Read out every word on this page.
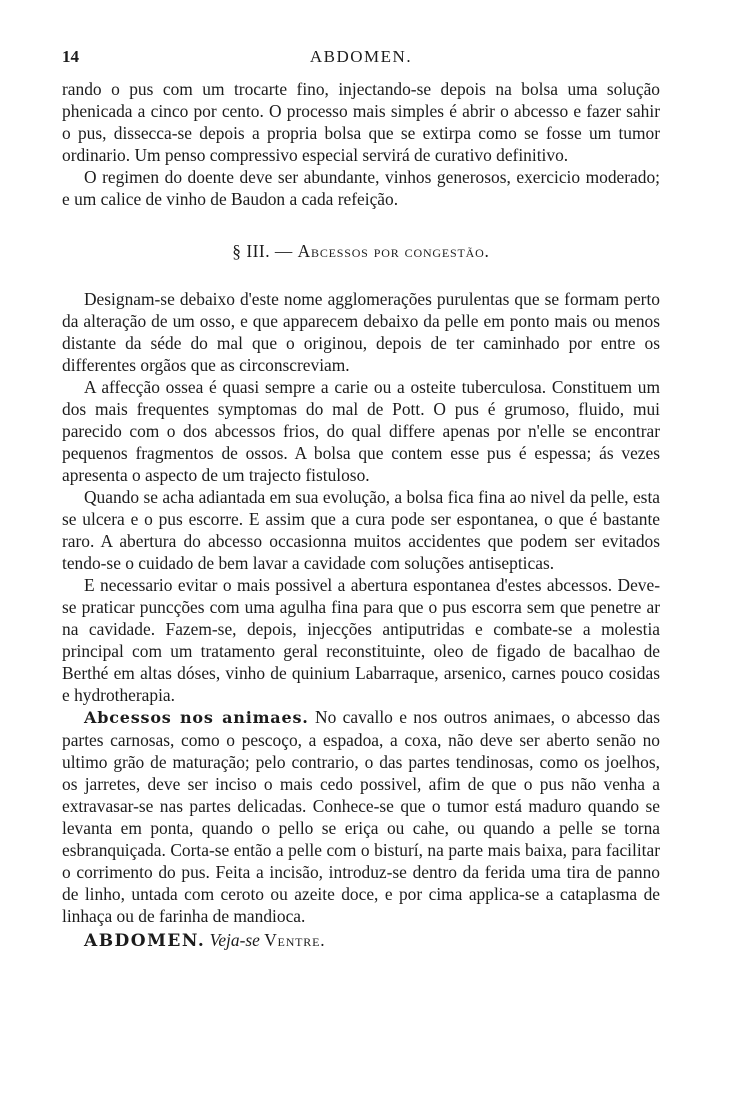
14	ABDOMEN.

rando o pus com um trocarte fino, injectando-se depois na bolsa uma solução phenicada a cinco por cento. O processo mais simples é abrir o abcesso e fazer sahir o pus, dissecca-se depois a propria bolsa que se extirpa como se fosse um tumor ordinario. Um penso compressivo especial servirá de curativo definitivo.

O regimen do doente deve ser abundante, vinhos generosos, exercicio moderado; e um calice de vinho de Baudon a cada refeição.

§ III. — Abcessos por congestão.

Designam-se debaixo d'este nome agglomerações purulentas que se formam perto da alteração de um osso, e que apparecem debaixo da pelle em ponto mais ou menos distante da séde do mal que o originou, depois de ter caminhado por entre os differentes orgãos que as circonscreviam.

A affecção ossea é quasi sempre a carie ou a osteite tuberculosa. Constituem um dos mais frequentes symptomas do mal de Pott. O pus é grumoso, fluido, mui parecido com o dos abcessos frios, do qual differe apenas por n'elle se encontrar pequenos fragmentos de ossos. A bolsa que contem esse pus é espessa; ás vezes apresenta o aspecto de um trajecto fistuloso.

Quando se acha adiantada em sua evolução, a bolsa fica fina ao nivel da pelle, esta se ulcera e o pus escorre. E assim que a cura pode ser espontanea, o que é bastante raro. A abertura do abcesso occasionna muitos accidentes que podem ser evitados tendo-se o cuidado de bem lavar a cavidade com soluções antisepticas.

E necessario evitar o mais possivel a abertura espontanea d'estes abcessos. Deve-se praticar puncções com uma agulha fina para que o pus escorra sem que penetre ar na cavidade. Fazem-se, depois, injecções antiputridas e combate-se a molestia principal com um tratamento geral reconstituinte, oleo de figado de bacalhao de Berthé em altas dóses, vinho de quinium Labarraque, arsenico, carnes pouco cosidas e hydrotherapia.

Abcessos nos animaes. No cavallo e nos outros animaes, o abcesso das partes carnosas, como o pescoço, a espadoa, a coxa, não deve ser aberto senão no ultimo grão de maturação; pelo contrario, o das partes tendinosas, como os joelhos, os jarretes, deve ser inciso o mais cedo possivel, afim de que o pus não venha a extravasar-se nas partes delicadas. Conhece-se que o tumor está maduro quando se levanta em ponta, quando o pello se eriça ou cahe, ou quando a pelle se torna esbranquiçada. Corta-se então a pelle com o bisturí, na parte mais baixa, para facilitar o corrimento do pus. Feita a incisão, introduz-se dentro da ferida uma tira de panno de linho, untada com ceroto ou azeite doce, e por cima applica-se a cataplasma de linhaça ou de farinha de mandioca.

ABDOMEN. Veja-se Ventre.
